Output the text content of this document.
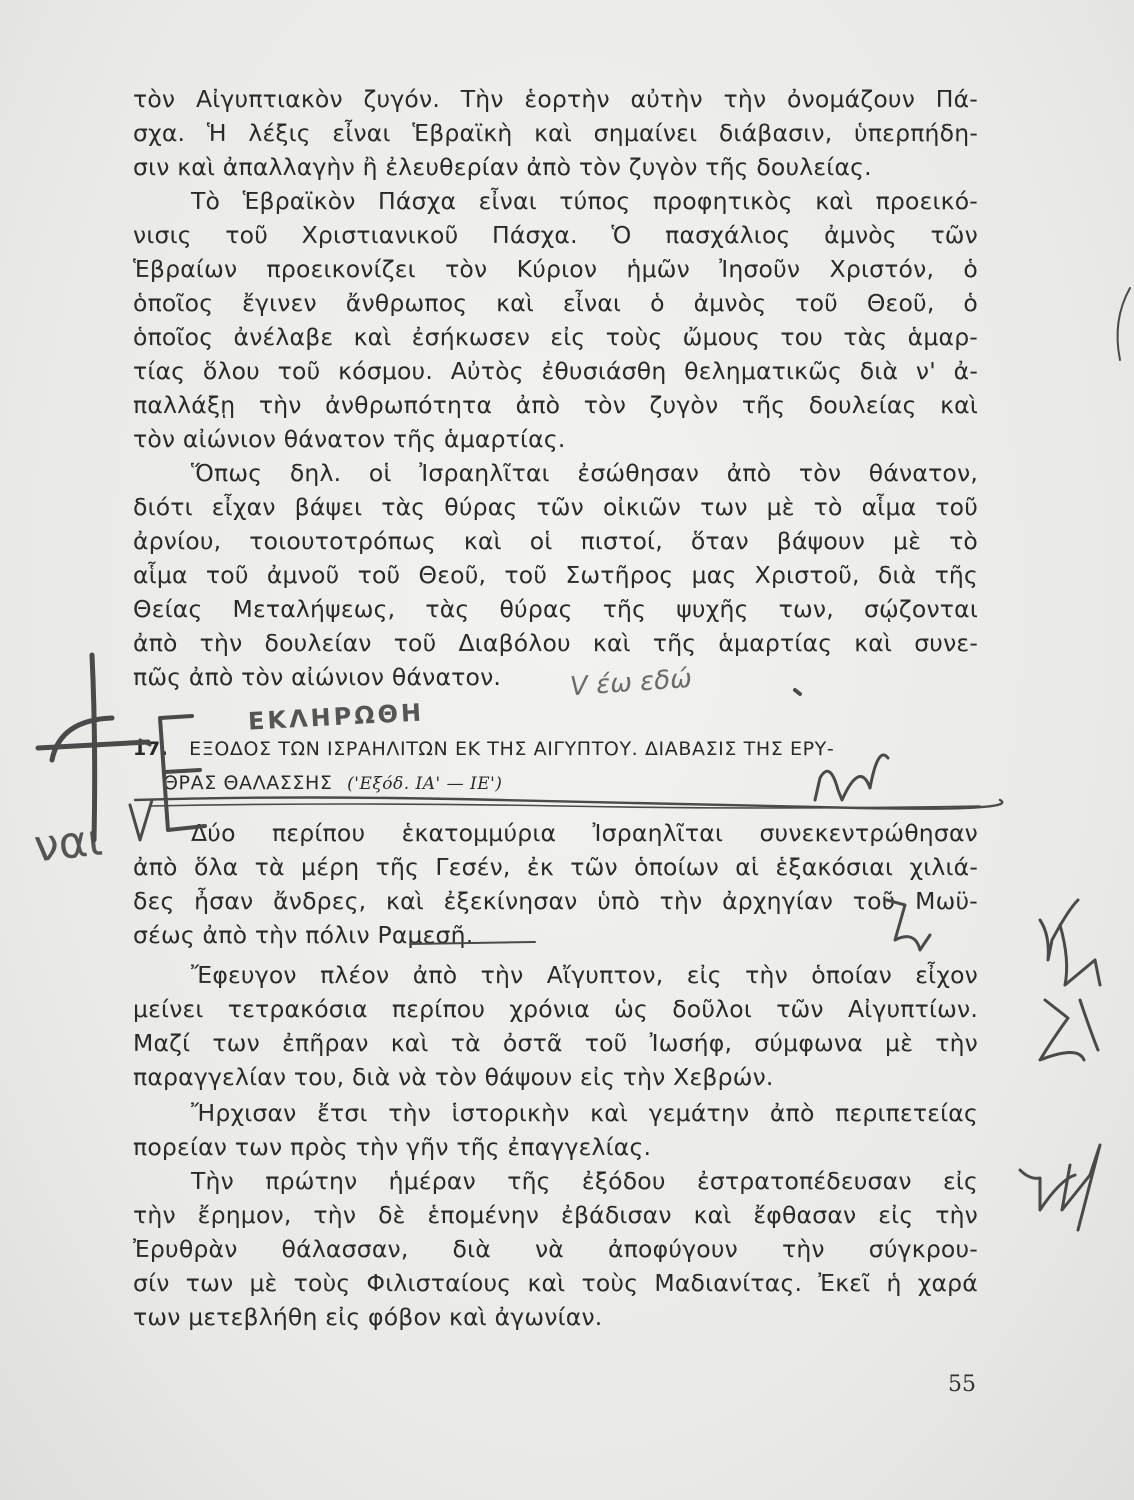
τὸν Αἰγυπτιακὸν ζυγόν. Τὴν ἑορτὴν αὐτὴν τὴν ὀνομάζουν Πά-
σχα. Ἡ λέξις εἶναι Ἑβραϊκὴ καὶ σημαίνει διάβασιν, ὑπερπήδη-
σιν καὶ ἀπαλλαγὴν ἢ ἐλευθερίαν ἀπὸ τὸν ζυγὸν τῆς δουλείας.
Τὸ Ἑβραϊκὸν Πάσχα εἶναι τύπος προφητικὸς καὶ προεικό-
νισις τοῦ Χριστιανικοῦ Πάσχα. Ὁ πασχάλιος ἀμνὸς τῶν
Ἑβραίων προεικονίζει τὸν Κύριον ἡμῶν Ἰησοῦν Χριστόν, ὁ
ὁποῖος ἔγινεν ἄνθρωπος καὶ εἶναι ὁ ἀμνὸς τοῦ Θεοῦ, ὁ
ὁποῖος ἀνέλαβε καὶ ἐσήκωσεν εἰς τοὺς ὤμους του τὰς ἁμαρ-
τίας ὅλου τοῦ κόσμου. Αὐτὸς ἐθυσιάσθη θεληματικῶς διὰ ν' ἀ-
παλλάξῃ τὴν ἀνθρωπότητα ἀπὸ τὸν ζυγὸν τῆς δουλείας καὶ
τὸν αἰώνιον θάνατον τῆς ἁμαρτίας.
Ὅπως δηλ. οἱ Ἰσραηλῖται ἐσώθησαν ἀπὸ τὸν θάνατον,
διότι εἶχαν βάψει τὰς θύρας τῶν οἰκιῶν των μὲ τὸ αἷμα τοῦ
ἀρνίου, τοιουτοτρόπως καὶ οἱ πιστοί, ὅταν βάψουν μὲ τὸ
αἷμα τοῦ ἀμνοῦ τοῦ Θεοῦ, τοῦ Σωτῆρος μας Χριστοῦ, διὰ τῆς
Θείας Μεταλήψεως, τὰς θύρας τῆς ψυχῆς των, σῴζονται
ἀπὸ τὴν δουλείαν τοῦ Διαβόλου καὶ τῆς ἁμαρτίας καὶ συνε-
πῶς ἀπὸ τὸν αἰώνιον θάνατον.
17. ΕΞΟΔΟΣ ΤΩΝ ΙΣΡΑΗΛΙΤΩΝ ΕΚ ΤΗΣ ΑΙΓΥΠΤΟΥ. ΔΙΑΒΑΣΙΣ ΤΗΣ ΕΡΥ-
ΘΡΑΣ ΘΑΛΑΣΣΗΣ ('Εξόδ. ΙΑ' — ΙΕ')
Δύο περίπου ἑκατομμύρια Ἰσραηλῖται συνεκεντρώθησαν
ἀπὸ ὅλα τὰ μέρη τῆς Γεσέν, ἐκ τῶν ὁποίων αἱ ἑξακόσιαι χιλιά-
δες ἦσαν ἄνδρες, καὶ ἐξεκίνησαν ὑπὸ τὴν ἀρχηγίαν τοῦ Μωϋ-
σέως ἀπὸ τὴν πόλιν Ραμεσῆ.
Ἔφευγον πλέον ἀπὸ τὴν Αἴγυπτον, εἰς τὴν ὁποίαν εἶχον
μείνει τετρακόσια περίπου χρόνια ὡς δοῦλοι τῶν Αἰγυπτίων.
Μαζί των ἐπῆραν καὶ τὰ ὀστᾶ τοῦ Ἰωσήφ, σύμφωνα μὲ τὴν
παραγγελίαν του, διὰ νὰ τὸν θάψουν εἰς τὴν Χεβρών.
Ἤρχισαν ἔτσι τὴν ἱστορικὴν καὶ γεμάτην ἀπὸ περιπετείας
πορείαν των πρὸς τὴν γῆν τῆς ἐπαγγελίας.
Τὴν πρώτην ἡμέραν τῆς ἐξόδου ἐστρατοπέδευσαν εἰς
τὴν ἔρημον, τὴν δὲ ἑπομένην ἐβάδισαν καὶ ἔφθασαν εἰς τὴν
Ἐρυθρὰν θάλασσαν, διὰ νὰ ἀποφύγουν τὴν σύγκρου-
σίν των μὲ τοὺς Φιλισταίους καὶ τοὺς Μαδιανίτας. Ἐκεῖ ἡ χαρά
των μετεβλήθη εἰς φόβον καὶ ἀγωνίαν.
55
ΕΚΛΗΡΩΘΗ
ναι
V έω εδώ
